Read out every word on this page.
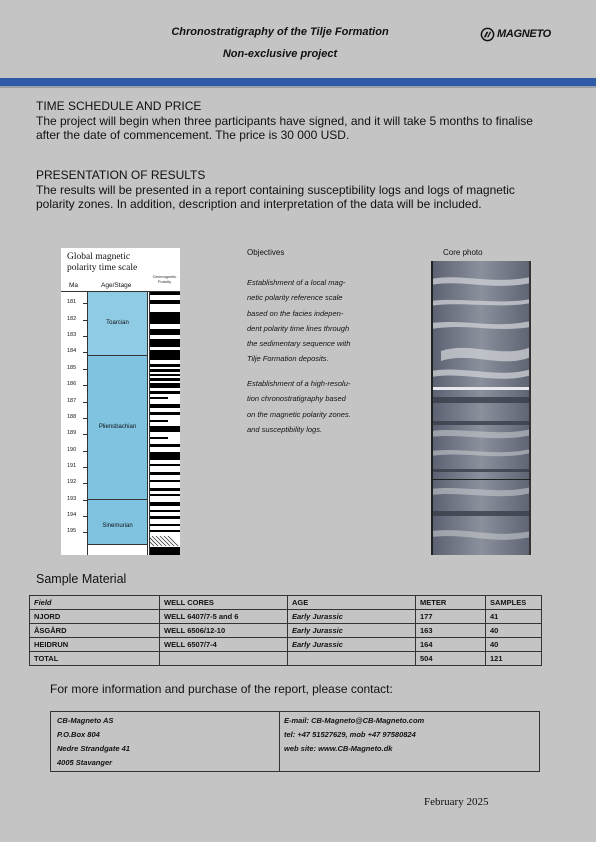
Chronostratigraphy of the Tilje Formation
Non-exclusive project
MAGNETO
TIME SCHEDULE AND PRICE
The project will begin when three participants have signed, and it will take 5 months to finalise after the date of commencement. The price is 30 000 USD.
PRESENTATION OF RESULTS
The results will be presented in a report containing susceptibility logs and logs of magnetic polarity zones. In addition, description and interpretation of the data will be included.
Global magnetic
polarity time scale
Geomagnetic Polarity
Ma	Age/Stage
181
182
183
184
185
186
187
188
189
190
191
192
193
194
195
Toarcian
Pliensbachian
Sinemurian
Objectives
Establishment of a local mag-
netic polarity reference scale
based on the facies indepen-
dent polarity time lines through
the sedimentary sequence with
Tilje Formation deposits.
Establishment of a high-resolu-
tion chronostratigraphy based
on the magnetic polarity zones.
and susceptibility logs.
Core photo
Sample Material
Field	WELL CORES	AGE	METER	SAMPLES
NJORD	WELL 6407/7-5 and 6	Early Jurassic	177	41
ÅSGÅRD	WELL 6506/12-10	Early Jurassic	163	40
HEIDRUN	WELL 6507/7-4	Early Jurassic	164	40
TOTAL			504	121
For more information and purchase of the report, please contact:
CB-Magneto AS
P.O.Box 804
Nedre Strandgate 41
4005 Stavanger
E-mail: CB-Magneto@CB-Magneto.com
tel: +47 51527629, mob +47 97580824
web site: www.CB-Magneto.dk
February 2025
